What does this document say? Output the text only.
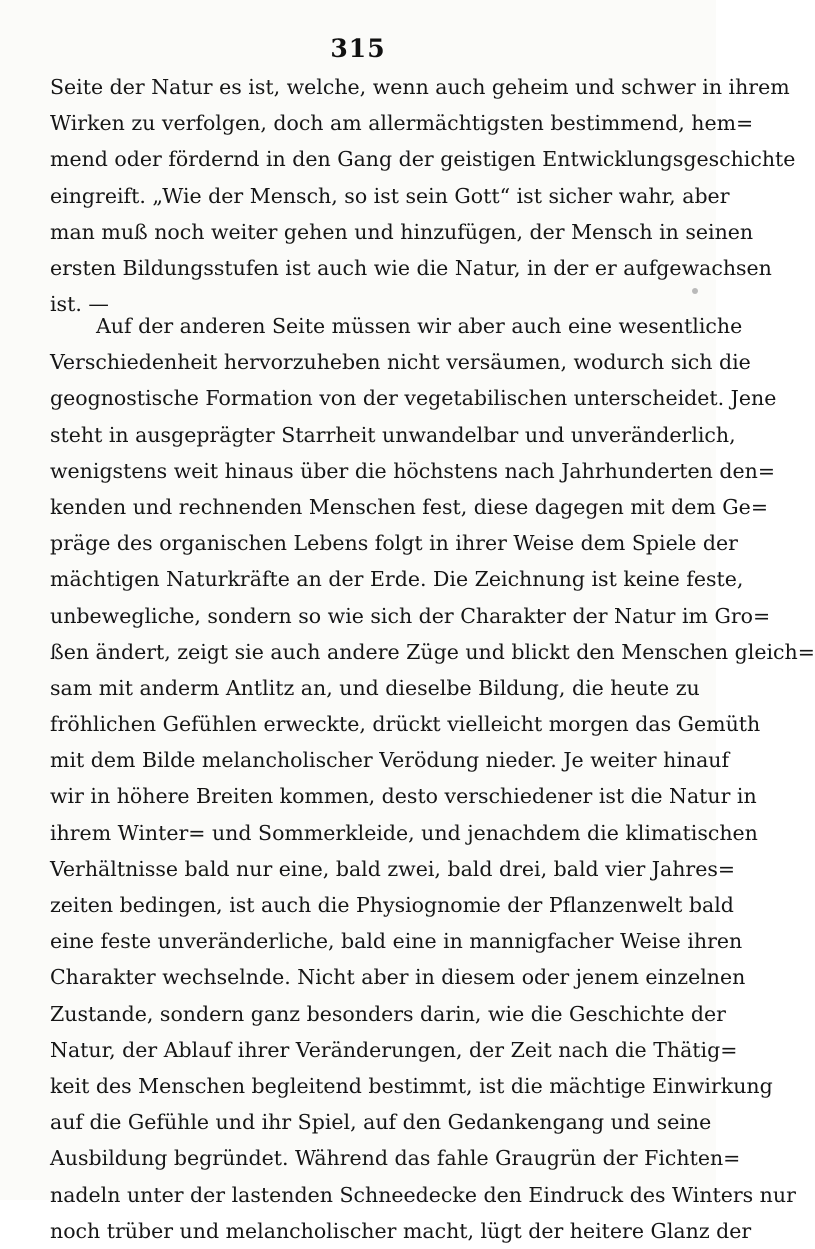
315
Seite der Natur es ist, welche, wenn auch geheim und schwer in ihrem
Wirken zu verfolgen, doch am allermächtigsten bestimmend, hem=
mend oder fördernd in den Gang der geistigen Entwicklungsgeschichte
eingreift. „Wie der Mensch, so ist sein Gott“ ist sicher wahr, aber
man muß noch weiter gehen und hinzufügen, der Mensch in seinen
ersten Bildungsstufen ist auch wie die Natur, in der er aufgewachsen
ist. —
Auf der anderen Seite müssen wir aber auch eine wesentliche
Verschiedenheit hervorzuheben nicht versäumen, wodurch sich die
geognostische Formation von der vegetabilischen unterscheidet. Jene
steht in ausgeprägter Starrheit unwandelbar und unveränderlich,
wenigstens weit hinaus über die höchstens nach Jahrhunderten den=
kenden und rechnenden Menschen fest, diese dagegen mit dem Ge=
präge des organischen Lebens folgt in ihrer Weise dem Spiele der
mächtigen Naturkräfte an der Erde. Die Zeichnung ist keine feste,
unbewegliche, sondern so wie sich der Charakter der Natur im Gro=
ßen ändert, zeigt sie auch andere Züge und blickt den Menschen gleich=
sam mit anderm Antlitz an, und dieselbe Bildung, die heute zu
fröhlichen Gefühlen erweckte, drückt vielleicht morgen das Gemüth
mit dem Bilde melancholischer Verödung nieder. Je weiter hinauf
wir in höhere Breiten kommen, desto verschiedener ist die Natur in
ihrem Winter= und Sommerkleide, und jenachdem die klimatischen
Verhältnisse bald nur eine, bald zwei, bald drei, bald vier Jahres=
zeiten bedingen, ist auch die Physiognomie der Pflanzenwelt bald
eine feste unveränderliche, bald eine in mannigfacher Weise ihren
Charakter wechselnde. Nicht aber in diesem oder jenem einzelnen
Zustande, sondern ganz besonders darin, wie die Geschichte der
Natur, der Ablauf ihrer Veränderungen, der Zeit nach die Thätig=
keit des Menschen begleitend bestimmt, ist die mächtige Einwirkung
auf die Gefühle und ihr Spiel, auf den Gedankengang und seine
Ausbildung begründet. Während das fahle Graugrün der Fichten=
nadeln unter der lastenden Schneedecke den Eindruck des Winters nur
noch trüber und melancholischer macht, lügt der heitere Glanz der
